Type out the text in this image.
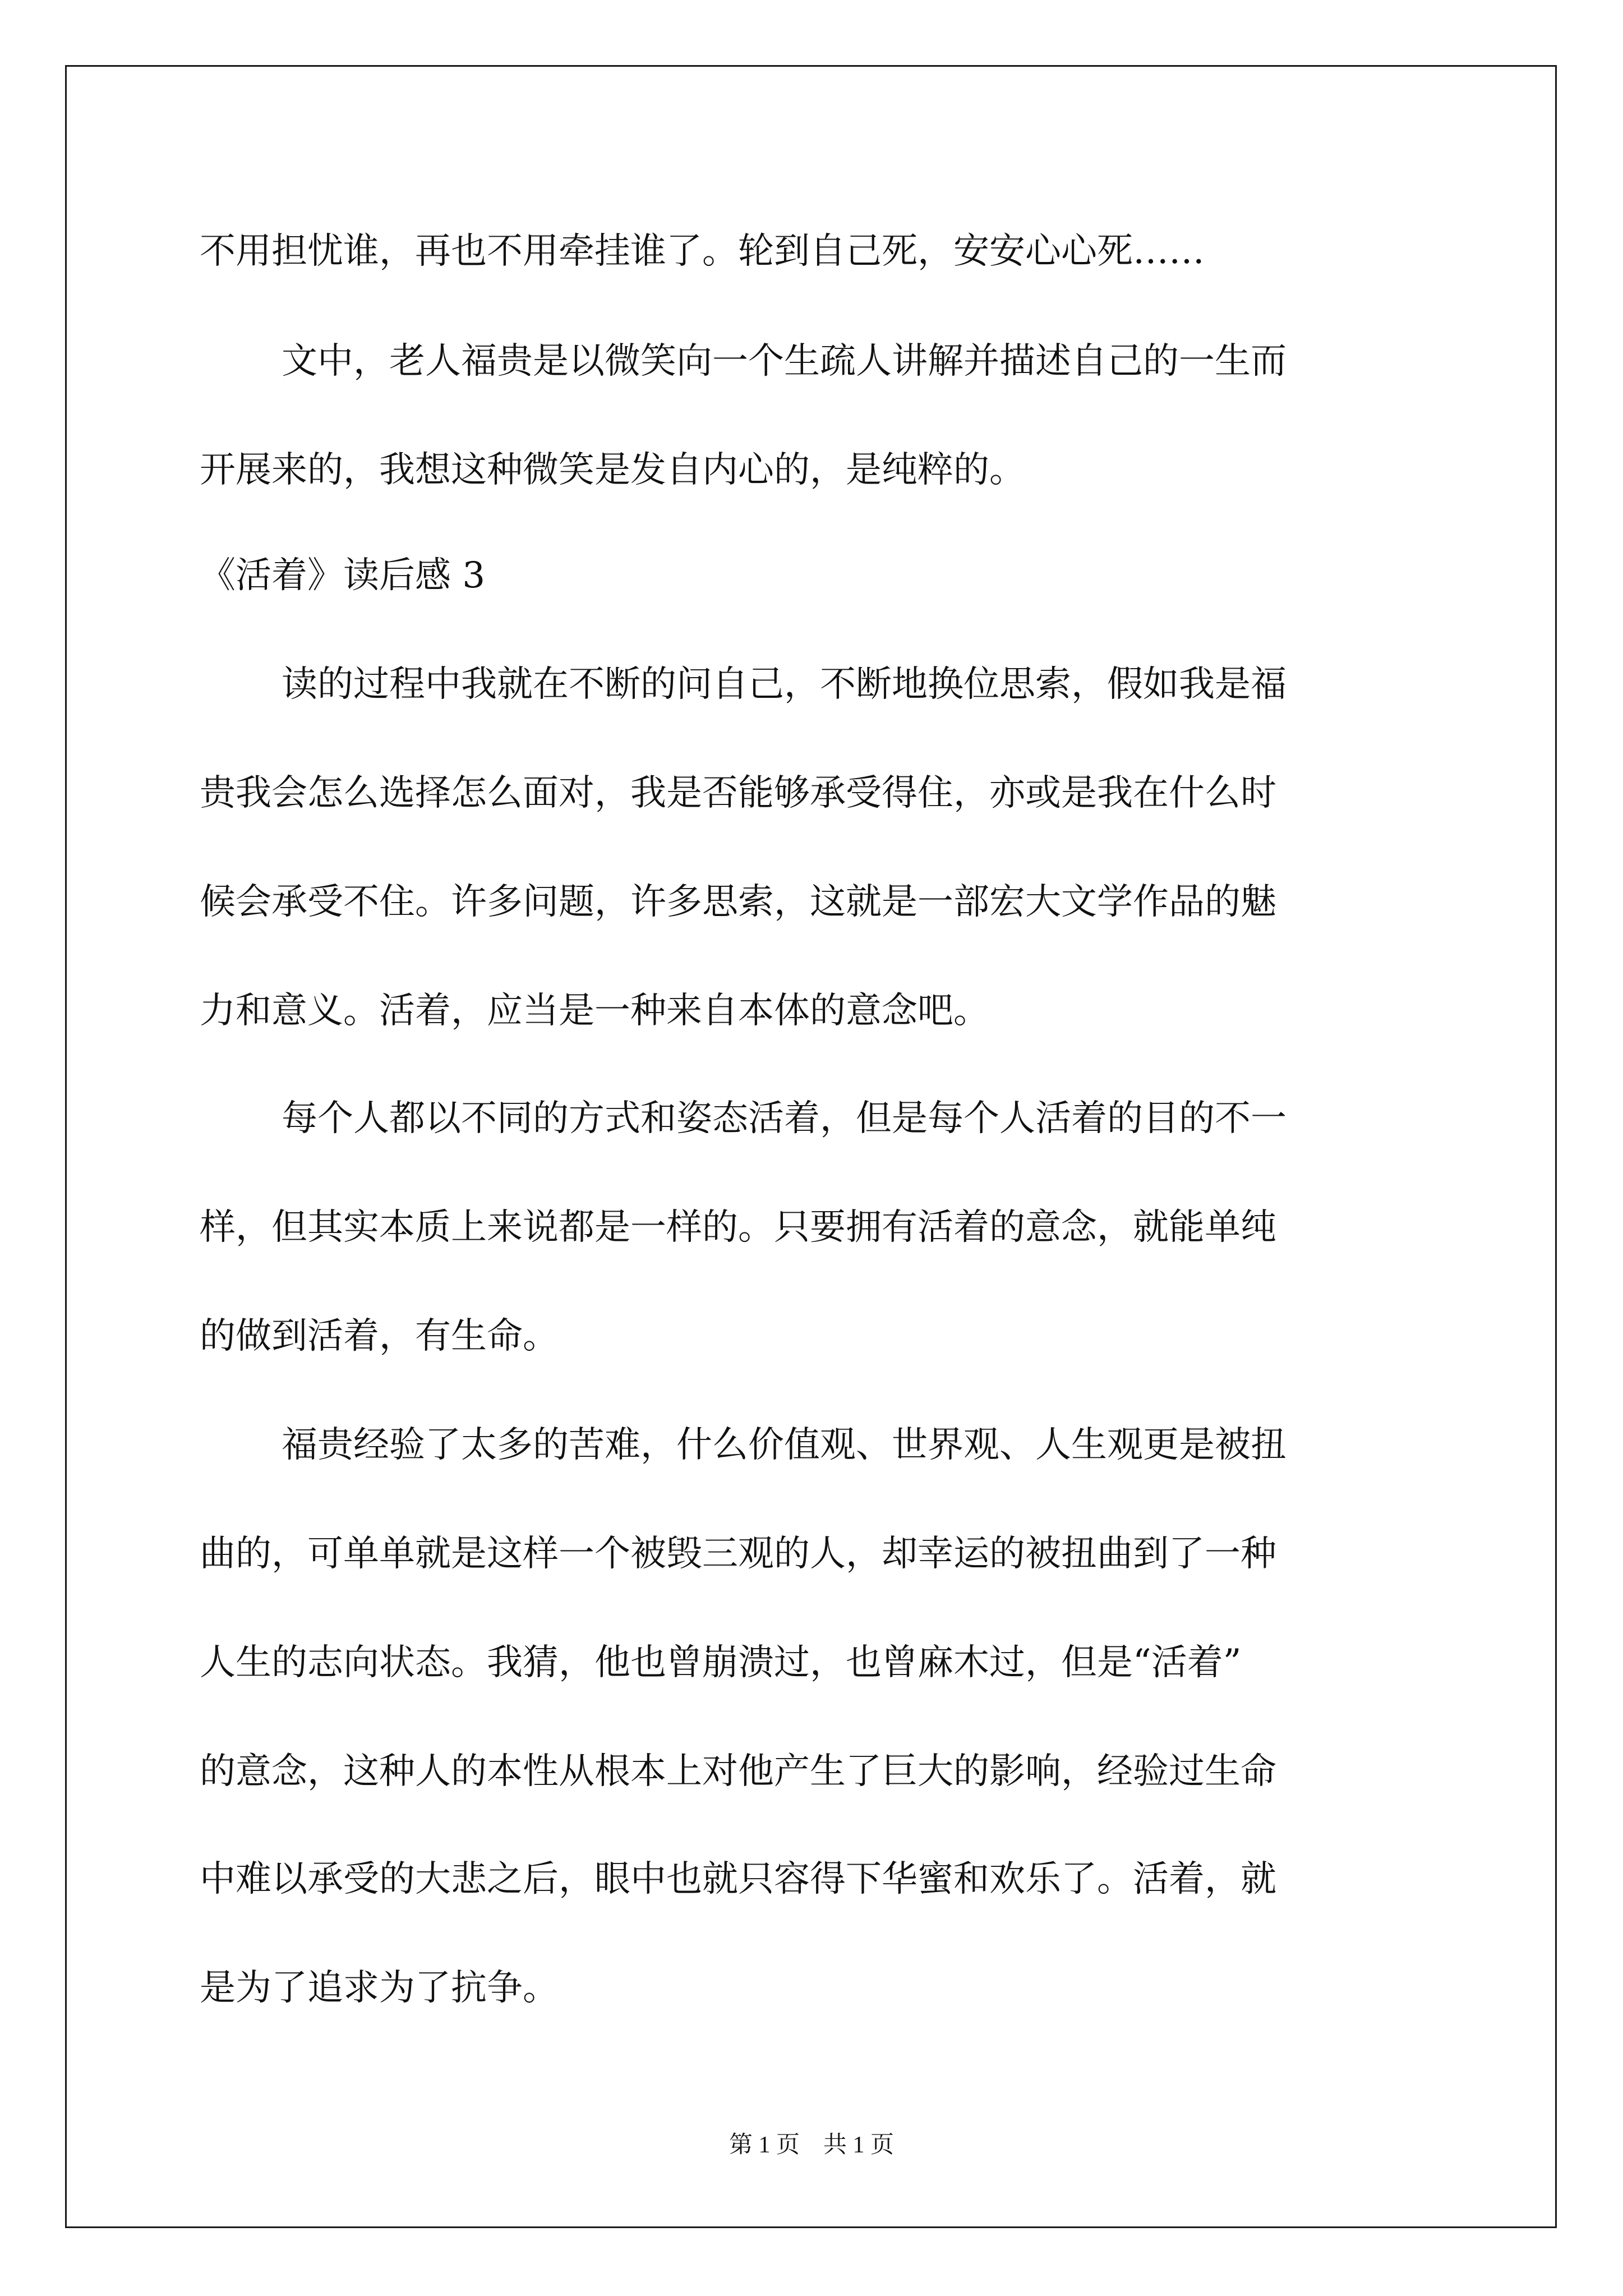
不用担忧谁，再也不用牵挂谁了。轮到自己死，安安心心死……

文中，老人福贵是以微笑向一个生疏人讲解并描述自己的一生而

开展来的，我想这种微笑是发自内心的，是纯粹的。

《活着》读后感 3

读的过程中我就在不断的问自己，不断地换位思索，假如我是福

贵我会怎么选择怎么面对，我是否能够承受得住，亦或是我在什么时

候会承受不住。许多问题，许多思索，这就是一部宏大文学作品的魅

力和意义。活着，应当是一种来自本体的意念吧。

每个人都以不同的方式和姿态活着，但是每个人活着的目的不一

样，但其实本质上来说都是一样的。只要拥有活着的意念，就能单纯

的做到活着，有生命。

福贵经验了太多的苦难，什么价值观、世界观、人生观更是被扭

曲的，可单单就是这样一个被毁三观的人，却幸运的被扭曲到了一种

人生的志向状态。我猜，他也曾崩溃过，也曾麻木过，但是“活着”

的意念，这种人的本性从根本上对他产生了巨大的影响，经验过生命

中难以承受的大悲之后，眼中也就只容得下华蜜和欢乐了。活着，就

是为了追求为了抗争。

第 1 页　共 1 页
